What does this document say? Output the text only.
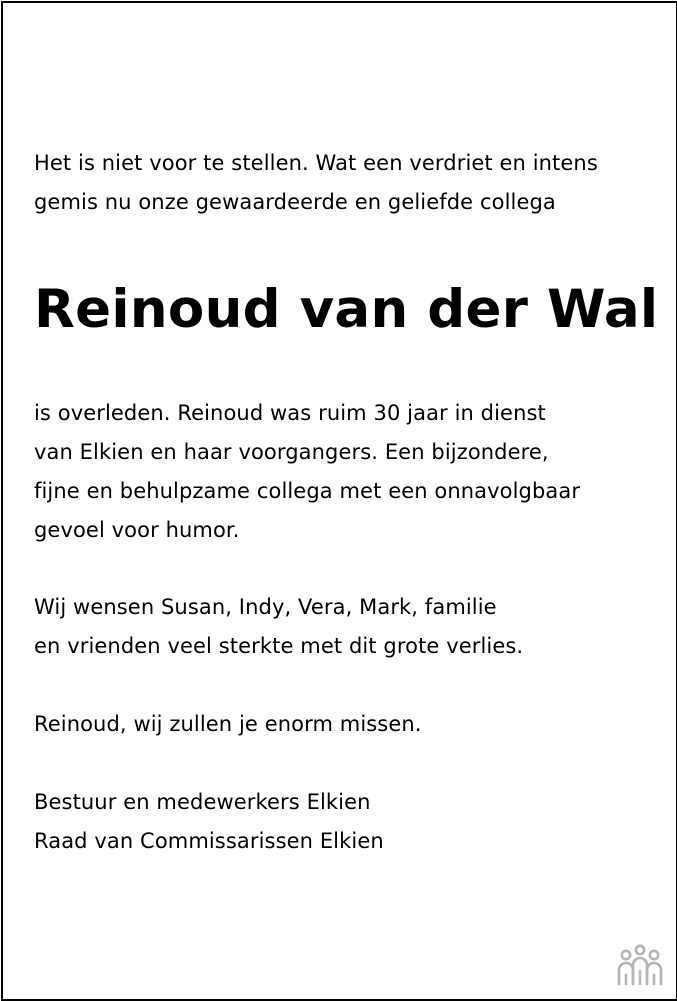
Het is niet voor te stellen. Wat een verdriet en intens
gemis nu onze gewaardeerde en geliefde collega

Reinoud van der Wal

is overleden. Reinoud was ruim 30 jaar in dienst
van Elkien en haar voorgangers. Een bijzondere,
fijne en behulpzame collega met een onnavolgbaar
gevoel voor humor.

Wij wensen Susan, Indy, Vera, Mark, familie
en vrienden veel sterkte met dit grote verlies.

Reinoud, wij zullen je enorm missen.

Bestuur en medewerkers Elkien
Raad van Commissarissen Elkien
